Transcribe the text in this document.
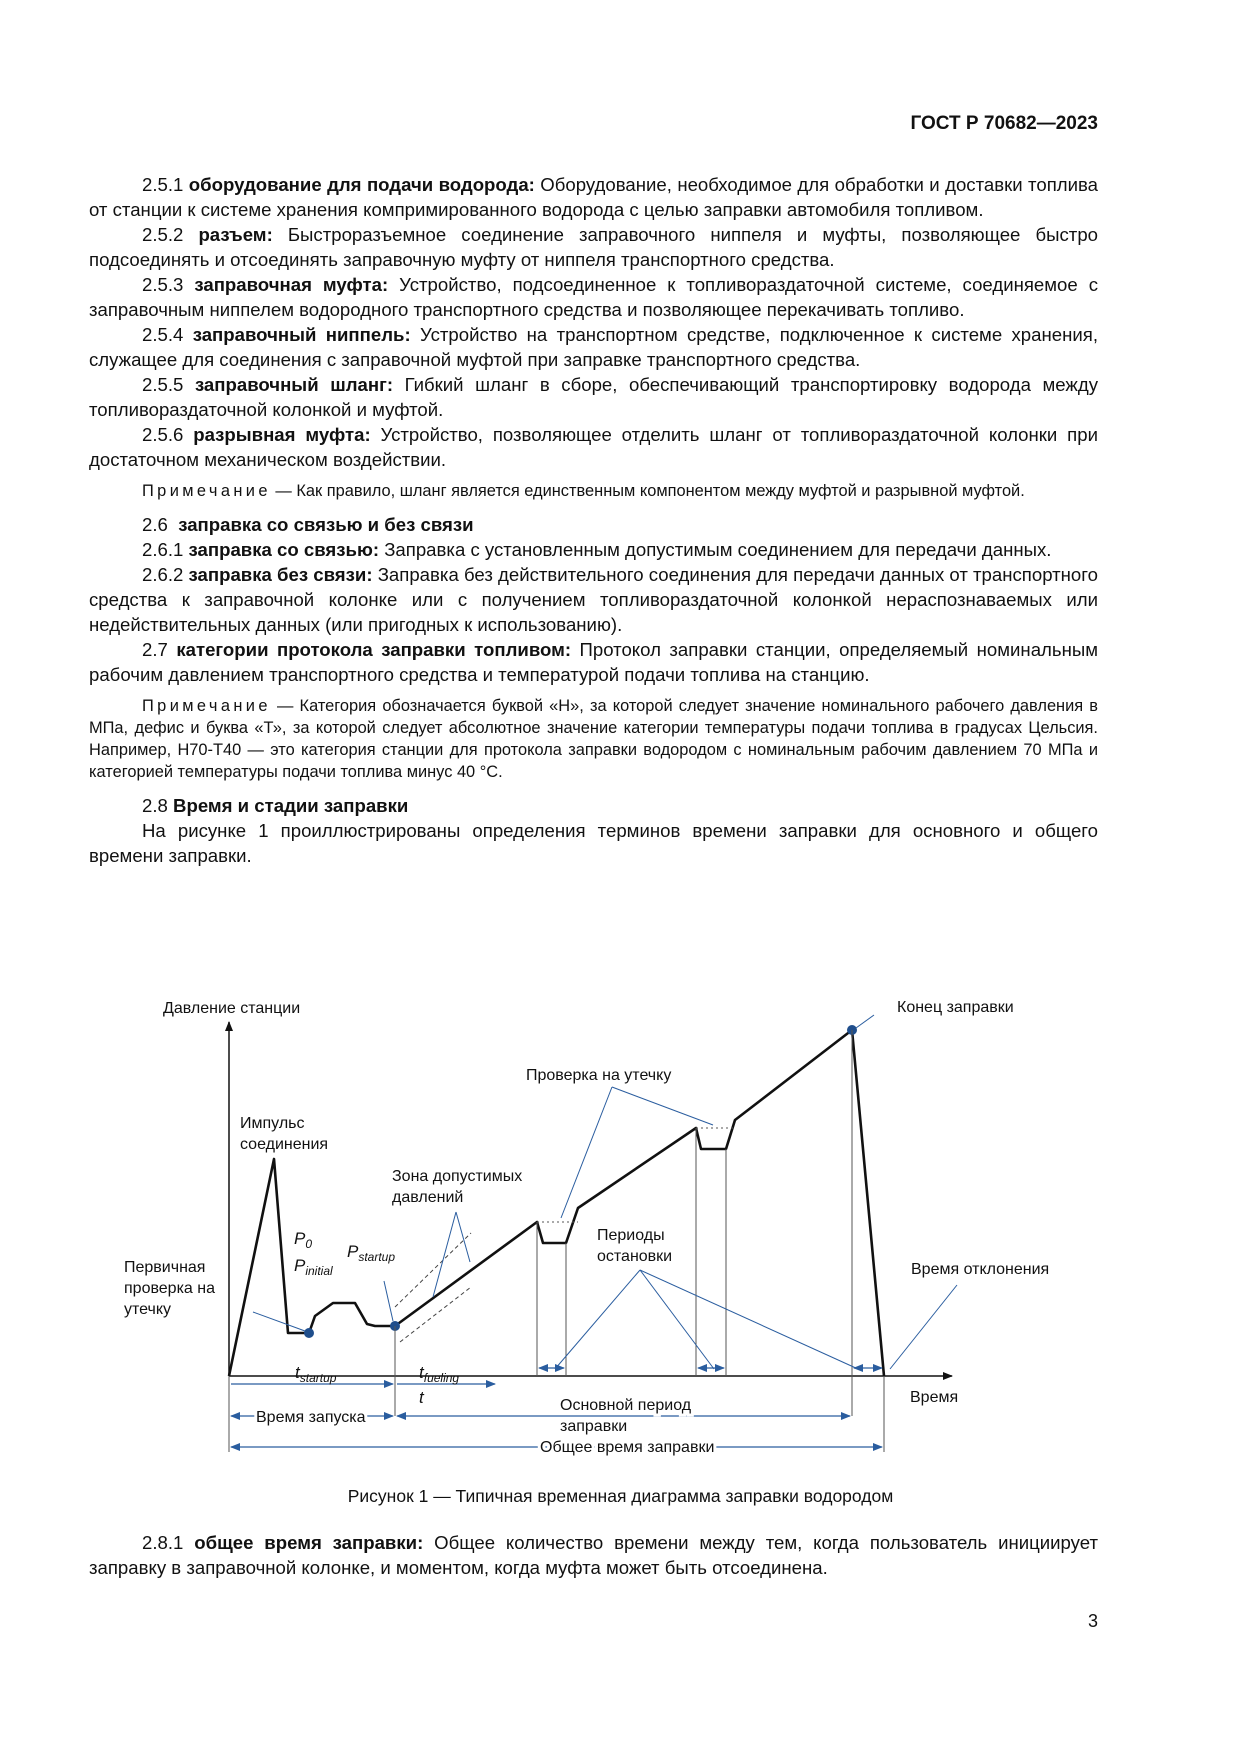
ГОСТ Р 70682—2023

2.5.1 оборудование для подачи водорода: Оборудование, необходимое для обработки и доставки топлива от станции к системе хранения компримированного водорода с целью заправки автомобиля топливом.

2.5.2 разъем: Быстроразъемное соединение заправочного ниппеля и муфты, позволяющее быстро подсоединять и отсоединять заправочную муфту от ниппеля транспортного средства.

2.5.3 заправочная муфта: Устройство, подсоединенное к топливораздаточной системе, соединяемое с заправочным ниппелем водородного транспортного средства и позволяющее перекачивать топливо.

2.5.4 заправочный ниппель: Устройство на транспортном средстве, подключенное к системе хранения, служащее для соединения с заправочной муфтой при заправке транспортного средства.

2.5.5 заправочный шланг: Гибкий шланг в сборе, обеспечивающий транспортировку водорода между топливораздаточной колонкой и муфтой.

2.5.6 разрывная муфта: Устройство, позволяющее отделить шланг от топливораздаточной колонки при достаточном механическом воздействии.

Примечание — Как правило, шланг является единственным компонентом между муфтой и разрывной муфтой.

2.6 заправка со связью и без связи

2.6.1 заправка со связью: Заправка с установленным допустимым соединением для передачи данных.

2.6.2 заправка без связи: Заправка без действительного соединения для передачи данных от транспортного средства к заправочной колонке или с получением топливораздаточной колонкой нераспознаваемых или недействительных данных (или пригодных к использованию).

2.7 категории протокола заправки топливом: Протокол заправки станции, определяемый номинальным рабочим давлением транспортного средства и температурой подачи топлива на станцию.

Примечание — Категория обозначается буквой «H», за которой следует значение номинального рабочего давления в МПа, дефис и буква «Т», за которой следует абсолютное значение категории температуры подачи топлива в градусах Цельсия. Например, H70-T40 — это категория станции для протокола заправки водородом с номинальным рабочим давлением 70 МПа и категорией температуры подачи топлива минус 40 °C.

2.8 Время и стадии заправки

На рисунке 1 проиллюстрированы определения терминов времени заправки для основного и общего времени заправки.

Давление станции
Время
Конец заправки
Проверка на утечку
Импульс
соединения
Зона допустимых
давлений
$P_0$
$P_{initial}$
$P_{startup}$
Периоды
остановки
Первичная
проверка на
утечку
Время отклонения
$t_{startup}$	$t_{fueling}$
t
Время запуска
Основной период
заправки
Общее время заправки
Рисунок 1 — Типичная временная диаграмма заправки водородом

2.8.1 общее время заправки: Общее количество времени между тем, когда пользователь инициирует заправку в заправочной колонке, и моментом, когда муфта может быть отсоединена.

3
